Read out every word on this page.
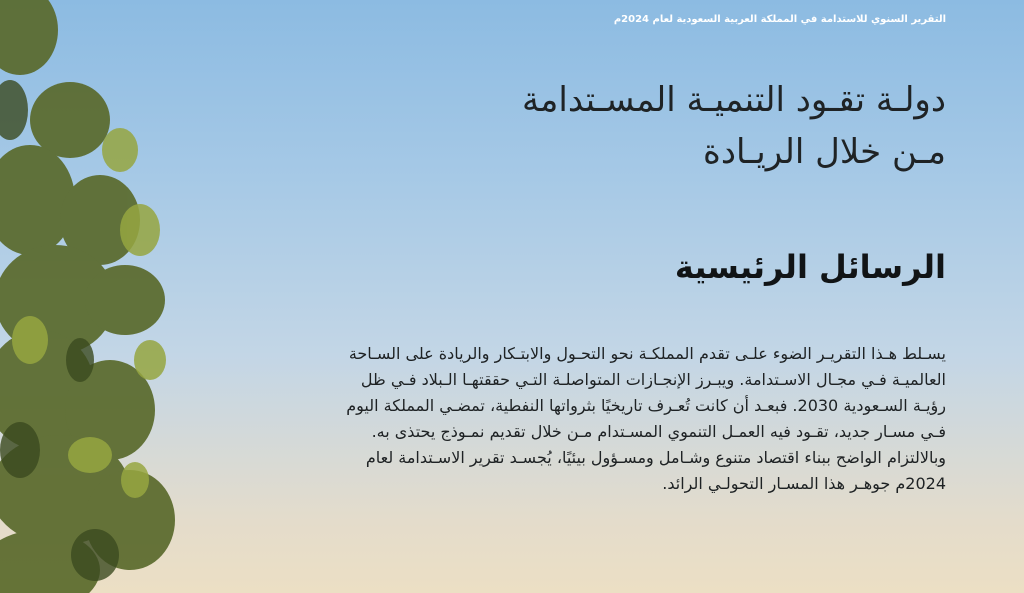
التقرير السنوي للاستدامة في المملكة العربية السعودية لعام 2024م
دولـة تقـود التنميـة المسـتدامة
مـن خلال الريـادة
الرسائل الرئيسية
يسـلط هـذا التقريـر الضوء علـى تقدم المملكـة نحو التحـول والابتـكار والريادة على السـاحة
العالميـة فـي مجـال الاسـتدامة. ويبـرز الإنجـازات المتواصلـة التـي حققتهـا الـبلاد فـي ظل
رؤيـة السـعودية 2030. فبعـد أن كانت تُعـرف تاريخيًا بثرواتها النفطية، تمضـي المملكة اليوم
فـي مسـار جديد، تقـود فيه العمـل التنموي المسـتدام مـن خلال تقديم نمـوذج يحتذى به.
وبالالتزام الواضح ببناء اقتصاد متنوع وشـامل ومسـؤول بيئيًا، يُجسـد تقرير الاسـتدامة لعام
2024م جوهـر هذا المسـار التحولـي الرائد.
